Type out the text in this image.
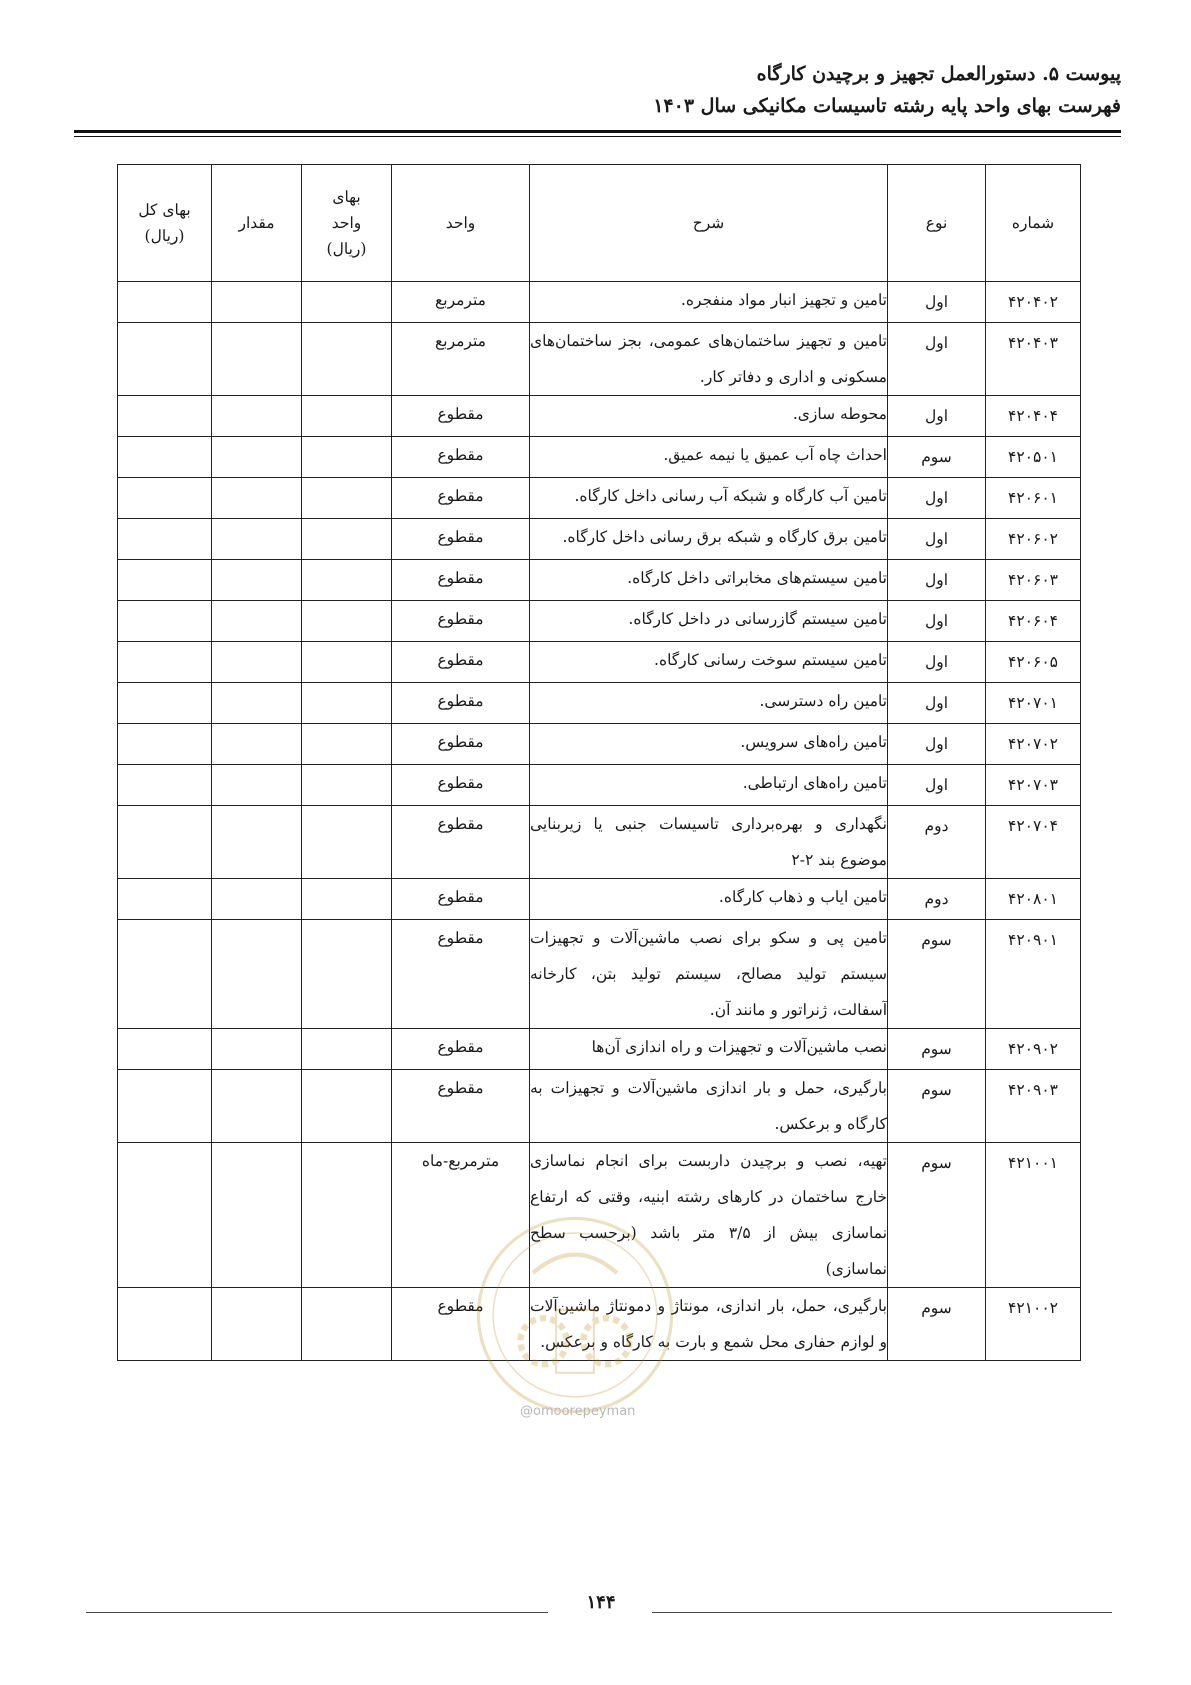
پیوست ۵. دستورالعمل تجهیز و برچیدن کارگاه
فهرست بهای واحد پایه رشته تاسیسات مکانیکی سال ۱۴۰۳
شماره	نوع	شرح	واحد	بهای واحد (ریال)	مقدار	بهای کل (ریال)
۴۲۰۴۰۲	اول	تامین و تجهیز انبار مواد منفجره.	مترمربع			
۴۲۰۴۰۳	اول	تامین و تجهیز ساختمان‌های عمومی، بجز ساختمان‌های مسکونی و اداری و دفاتر کار.	مترمربع			
۴۲۰۴۰۴	اول	محوطه سازی.	مقطوع			
۴۲۰۵۰۱	سوم	احداث چاه آب عمیق یا نیمه عمیق.	مقطوع			
۴۲۰۶۰۱	اول	تامین آب کارگاه و شبکه آب رسانی داخل کارگاه.	مقطوع			
۴۲۰۶۰۲	اول	تامین برق کارگاه و شبکه برق رسانی داخل کارگاه.	مقطوع			
۴۲۰۶۰۳	اول	تامین سیستم‌های مخابراتی داخل کارگاه.	مقطوع			
۴۲۰۶۰۴	اول	تامین سیستم گازرسانی در داخل کارگاه.	مقطوع			
۴۲۰۶۰۵	اول	تامین سیستم سوخت رسانی کارگاه.	مقطوع			
۴۲۰۷۰۱	اول	تامین راه دسترسی.	مقطوع			
۴۲۰۷۰۲	اول	تامین راه‌های سرویس.	مقطوع			
۴۲۰۷۰۳	اول	تامین راه‌های ارتباطی.	مقطوع			
۴۲۰۷۰۴	دوم	نگهداری و بهره‌برداری تاسیسات جنبی یا زیربنایی موضوع بند ۲-۲	مقطوع			
۴۲۰۸۰۱	دوم	تامین ایاب و ذهاب کارگاه.	مقطوع			
۴۲۰۹۰۱	سوم	تامین پی و سکو برای نصب ماشین‌آلات و تجهیزات سیستم تولید مصالح، سیستم تولید بتن، کارخانه آسفالت، ژنراتور و مانند آن.	مقطوع			
۴۲۰۹۰۲	سوم	نصب ماشین‌آلات و تجهیزات و راه اندازی آن‌ها	مقطوع			
۴۲۰۹۰۳	سوم	بارگیری، حمل و بار اندازی ماشین‌آلات و تجهیزات به کارگاه و برعکس.	مقطوع			
۴۲۱۰۰۱	سوم	تهیه، نصب و برچیدن داربست برای انجام نماسازی خارج ساختمان در کارهای رشته ابنیه، وقتی که ارتفاع نماسازی بیش از ۳/۵ متر باشد (برحسب سطح نماسازی)	مترمربع-ماه			
۴۲۱۰۰۲	سوم	بارگیری، حمل، بار اندازی، مونتاژ و دمونتاژ ماشین‌آلات و لوازم حفاری محل شمع و بارت به کارگاه و برعکس.	مقطوع			
@omoorepeyman
۱۴۴
